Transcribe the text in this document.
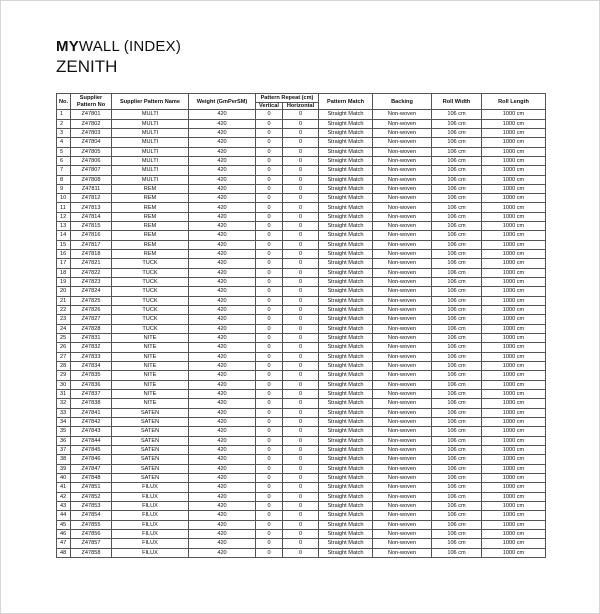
MYWALL (INDEX)
ZENITH
No.	Supplier Pattern No	Supplier Pattern Name	Weight (GmPerSM)	Pattern Repeat (cm)		Pattern Match	Backing	Roll Width	Roll Length
				Vertical	Horizontal				
1	Z47801	MULTI	420	0	0	Straight Match	Non-woven	106 cm	1000 cm
2	Z47802	MULTI	420	0	0	Straight Match	Non-woven	106 cm	1000 cm
3	Z47803	MULTI	420	0	0	Straight Match	Non-woven	106 cm	1000 cm
4	Z47804	MULTI	420	0	0	Straight Match	Non-woven	106 cm	1000 cm
5	Z47805	MULTI	420	0	0	Straight Match	Non-woven	106 cm	1000 cm
6	Z47806	MULTI	420	0	0	Straight Match	Non-woven	106 cm	1000 cm
7	Z47807	MULTI	420	0	0	Straight Match	Non-woven	106 cm	1000 cm
8	Z47808	MULTI	420	0	0	Straight Match	Non-woven	106 cm	1000 cm
9	Z47811	REM	420	0	0	Straight Match	Non-woven	106 cm	1000 cm
10	Z47812	REM	420	0	0	Straight Match	Non-woven	106 cm	1000 cm
11	Z47813	REM	420	0	0	Straight Match	Non-woven	106 cm	1000 cm
12	Z47814	REM	420	0	0	Straight Match	Non-woven	106 cm	1000 cm
13	Z47815	REM	420	0	0	Straight Match	Non-woven	106 cm	1000 cm
14	Z47816	REM	420	0	0	Straight Match	Non-woven	106 cm	1000 cm
15	Z47817	REM	420	0	0	Straight Match	Non-woven	106 cm	1000 cm
16	Z47818	REM	420	0	0	Straight Match	Non-woven	106 cm	1000 cm
17	Z47821	TUCK	420	0	0	Straight Match	Non-woven	106 cm	1000 cm
18	Z47822	TUCK	420	0	0	Straight Match	Non-woven	106 cm	1000 cm
19	Z47823	TUCK	420	0	0	Straight Match	Non-woven	106 cm	1000 cm
20	Z47824	TUCK	420	0	0	Straight Match	Non-woven	106 cm	1000 cm
21	Z47825	TUCK	420	0	0	Straight Match	Non-woven	106 cm	1000 cm
22	Z47826	TUCK	420	0	0	Straight Match	Non-woven	106 cm	1000 cm
23	Z47827	TUCK	420	0	0	Straight Match	Non-woven	106 cm	1000 cm
24	Z47828	TUCK	420	0	0	Straight Match	Non-woven	106 cm	1000 cm
25	Z47831	NITE	420	0	0	Straight Match	Non-woven	106 cm	1000 cm
26	Z47832	NITE	420	0	0	Straight Match	Non-woven	106 cm	1000 cm
27	Z47833	NITE	420	0	0	Straight Match	Non-woven	106 cm	1000 cm
28	Z47834	NITE	420	0	0	Straight Match	Non-woven	106 cm	1000 cm
29	Z47835	NITE	420	0	0	Straight Match	Non-woven	106 cm	1000 cm
30	Z47836	NITE	420	0	0	Straight Match	Non-woven	106 cm	1000 cm
31	Z47837	NITE	420	0	0	Straight Match	Non-woven	106 cm	1000 cm
32	Z47838	NITE	420	0	0	Straight Match	Non-woven	106 cm	1000 cm
33	Z47841	SATEN	420	0	0	Straight Match	Non-woven	106 cm	1000 cm
34	Z47842	SATEN	420	0	0	Straight Match	Non-woven	106 cm	1000 cm
35	Z47843	SATEN	420	0	0	Straight Match	Non-woven	106 cm	1000 cm
36	Z47844	SATEN	420	0	0	Straight Match	Non-woven	106 cm	1000 cm
37	Z47845	SATEN	420	0	0	Straight Match	Non-woven	106 cm	1000 cm
38	Z47846	SATEN	420	0	0	Straight Match	Non-woven	106 cm	1000 cm
39	Z47847	SATEN	420	0	0	Straight Match	Non-woven	106 cm	1000 cm
40	Z47848	SATEN	420	0	0	Straight Match	Non-woven	106 cm	1000 cm
41	Z47851	FILUX	420	0	0	Straight Match	Non-woven	106 cm	1000 cm
42	Z47852	FILUX	420	0	0	Straight Match	Non-woven	106 cm	1000 cm
43	Z47853	FILUX	420	0	0	Straight Match	Non-woven	106 cm	1000 cm
44	Z47854	FILUX	420	0	0	Straight Match	Non-woven	106 cm	1000 cm
45	Z47855	FILUX	420	0	0	Straight Match	Non-woven	106 cm	1000 cm
46	Z47856	FILUX	420	0	0	Straight Match	Non-woven	106 cm	1000 cm
47	Z47857	FILUX	420	0	0	Straight Match	Non-woven	106 cm	1000 cm
48	Z47858	FILUX	420	0	0	Straight Match	Non-woven	106 cm	1000 cm
